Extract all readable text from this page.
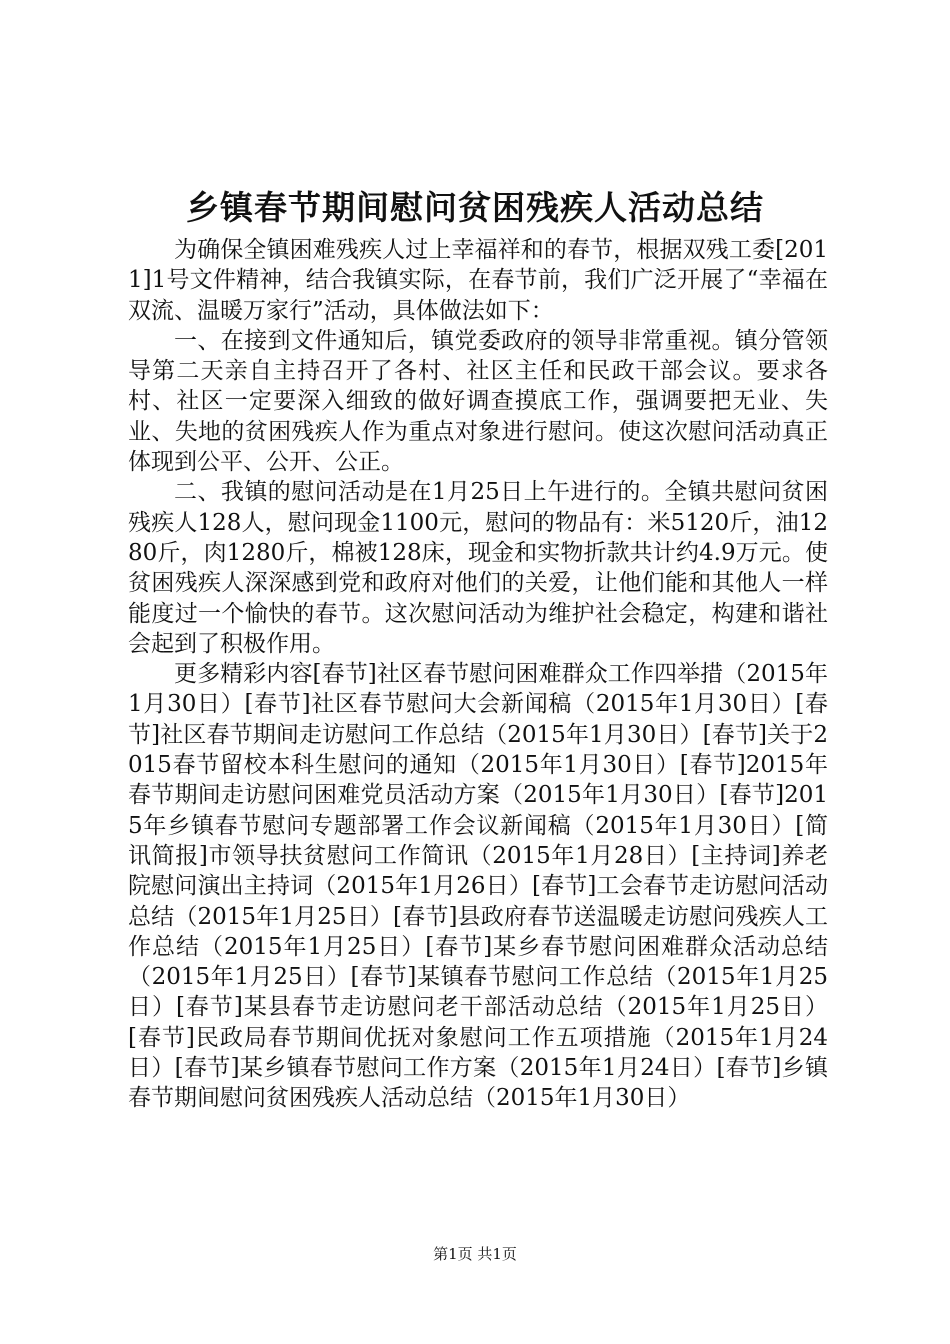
乡镇春节期间慰问贫困残疾人活动总结

为确保全镇困难残疾人过上幸福祥和的春节，根据双残工委[2011]1号文件精神，结合我镇实际，在春节前，我们广泛开展了“幸福在双流、温暖万家行”活动，具体做法如下：

一、在接到文件通知后，镇党委政府的领导非常重视。镇分管领导第二天亲自主持召开了各村、社区主任和民政干部会议。要求各村、社区一定要深入细致的做好调查摸底工作，强调要把无业、失业、失地的贫困残疾人作为重点对象进行慰问。使这次慰问活动真正体现到公平、公开、公正。

二、我镇的慰问活动是在1月25日上午进行的。全镇共慰问贫困残疾人128人，慰问现金1100元，慰问的物品有：米5120斤，油1280斤，肉1280斤，棉被128床，现金和实物折款共计约4.9万元。使贫困残疾人深深感到党和政府对他们的关爱，让他们能和其他人一样能度过一个愉快的春节。这次慰问活动为维护社会稳定，构建和谐社会起到了积极作用。

更多精彩内容[春节]社区春节慰问困难群众工作四举措（2015年1月30日）[春节]社区春节慰问大会新闻稿（2015年1月30日）[春节]社区春节期间走访慰问工作总结（2015年1月30日）[春节]关于2015春节留校本科生慰问的通知（2015年1月30日）[春节]2015年春节期间走访慰问困难党员活动方案（2015年1月30日）[春节]2015年乡镇春节慰问专题部署工作会议新闻稿（2015年1月30日）[简讯简报]市领导扶贫慰问工作简讯（2015年1月28日）[主持词]养老院慰问演出主持词（2015年1月26日）[春节]工会春节走访慰问活动总结（2015年1月25日）[春节]县政府春节送温暖走访慰问残疾人工作总结（2015年1月25日）[春节]某乡春节慰问困难群众活动总结（2015年1月25日）[春节]某镇春节慰问工作总结（2015年1月25日）[春节]某县春节走访慰问老干部活动总结（2015年1月25日）[春节]民政局春节期间优抚对象慰问工作五项措施（2015年1月24日）[春节]某乡镇春节慰问工作方案（2015年1月24日）[春节]乡镇春节期间慰问贫困残疾人活动总结（2015年1月30日）

第1页 共1页
